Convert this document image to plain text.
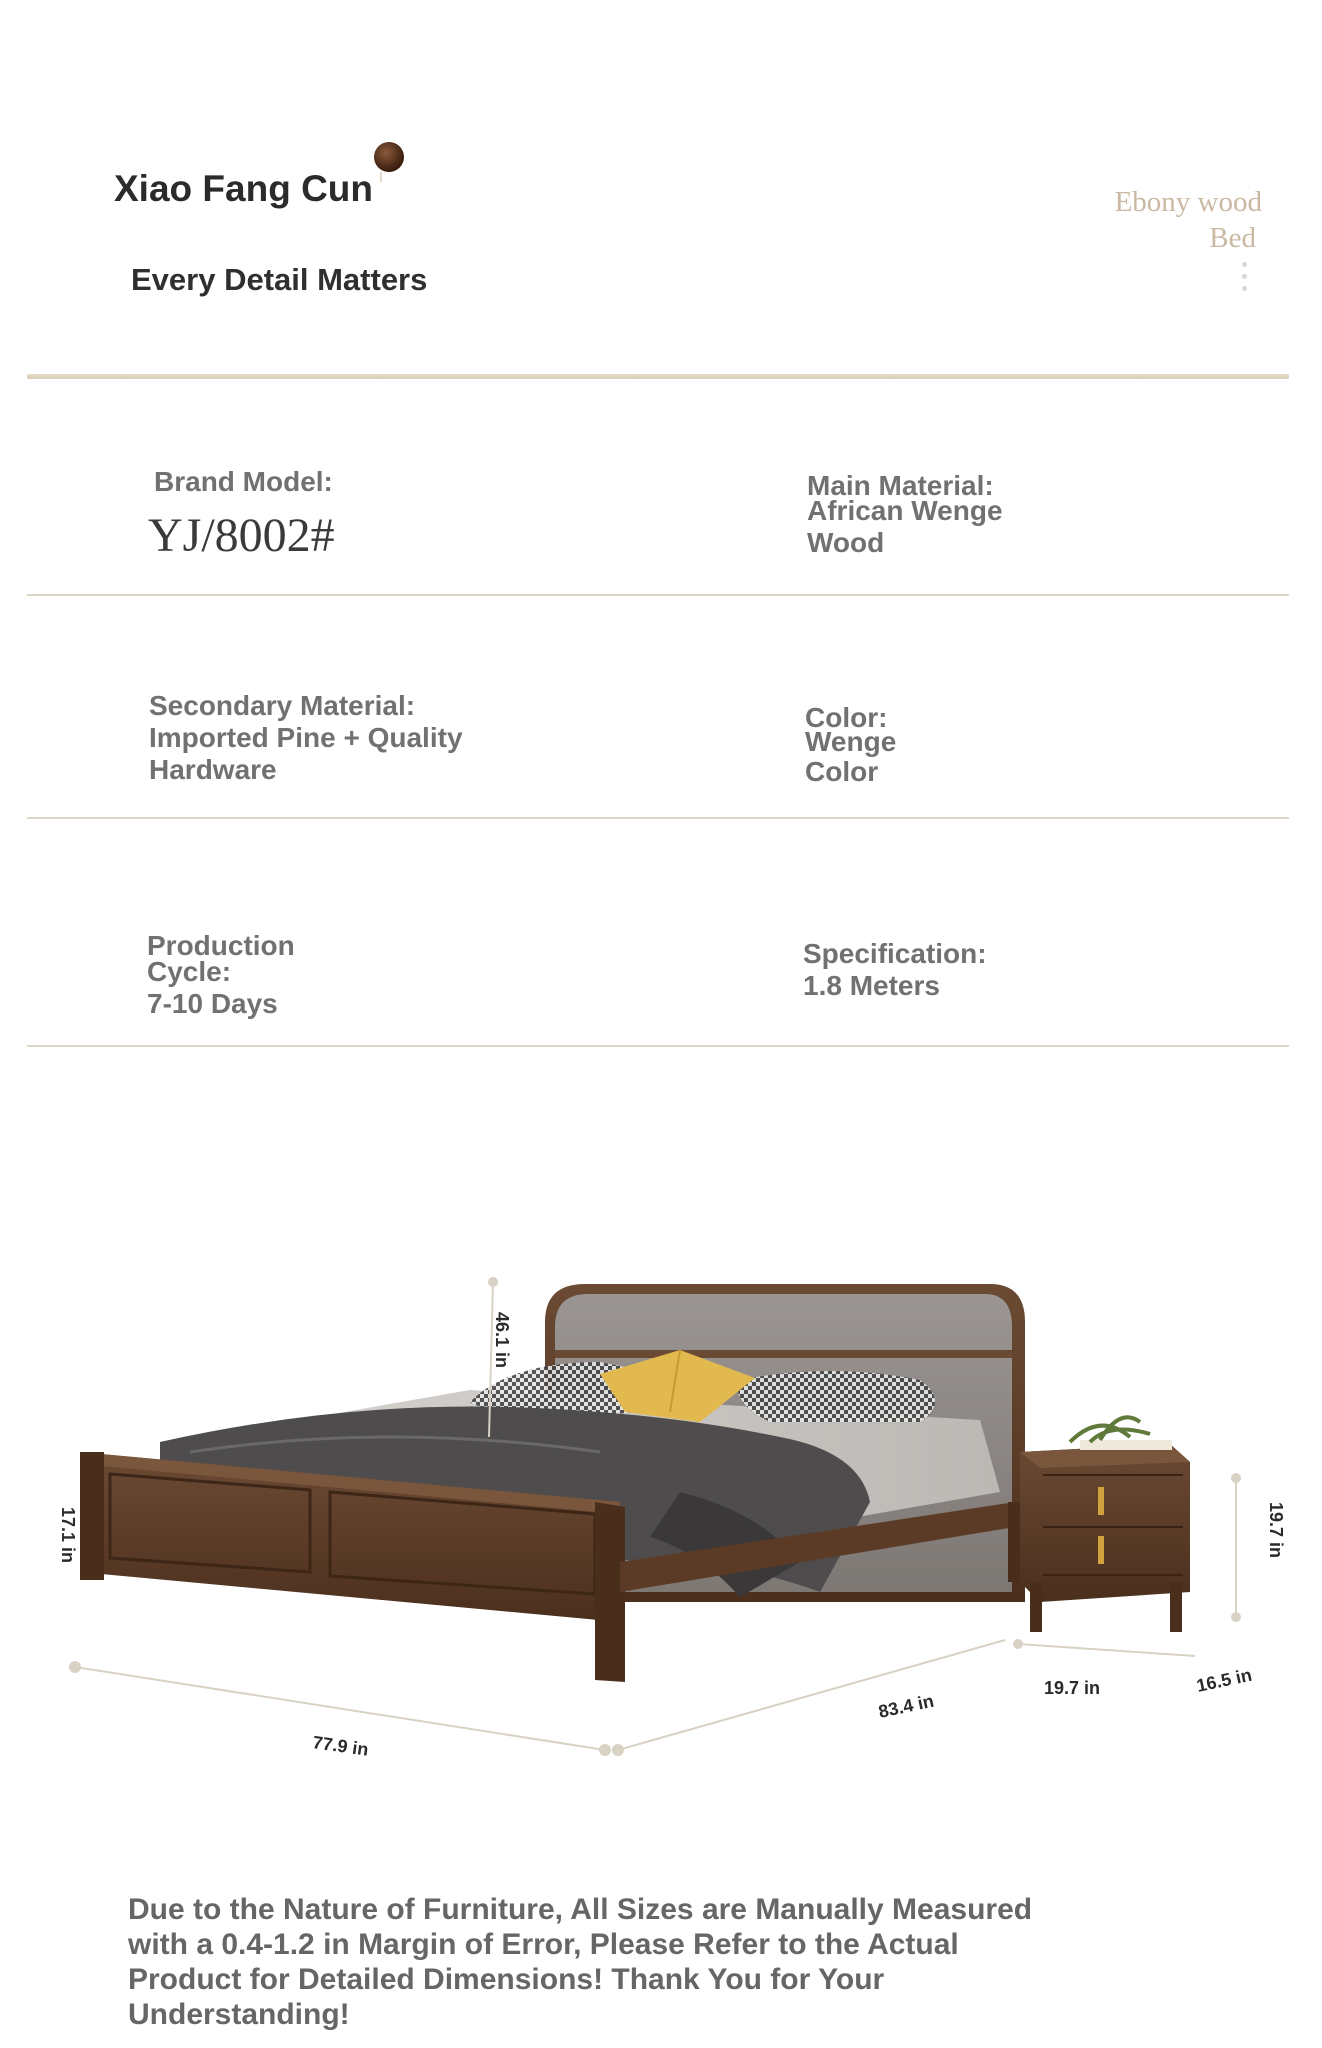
Xiao Fang Cun
Every Detail Matters
Ebony wood
Bed
Brand Model:
YJ/8002#
Main Material:
African Wenge
Wood
Secondary Material:
Imported Pine + Quality
Hardware
Color:
Wenge
Color
Production
Cycle:
7-10 Days
Specification:
1.8 Meters
46.1 in
17.1 in
77.9 in
83.4 in
19.7 in	16.5 in
19.7 in
Due to the Nature of Furniture, All Sizes are Manually Measured
with a 0.4-1.2 in Margin of Error, Please Refer to the Actual
Product for Detailed Dimensions! Thank You for Your
Understanding!
